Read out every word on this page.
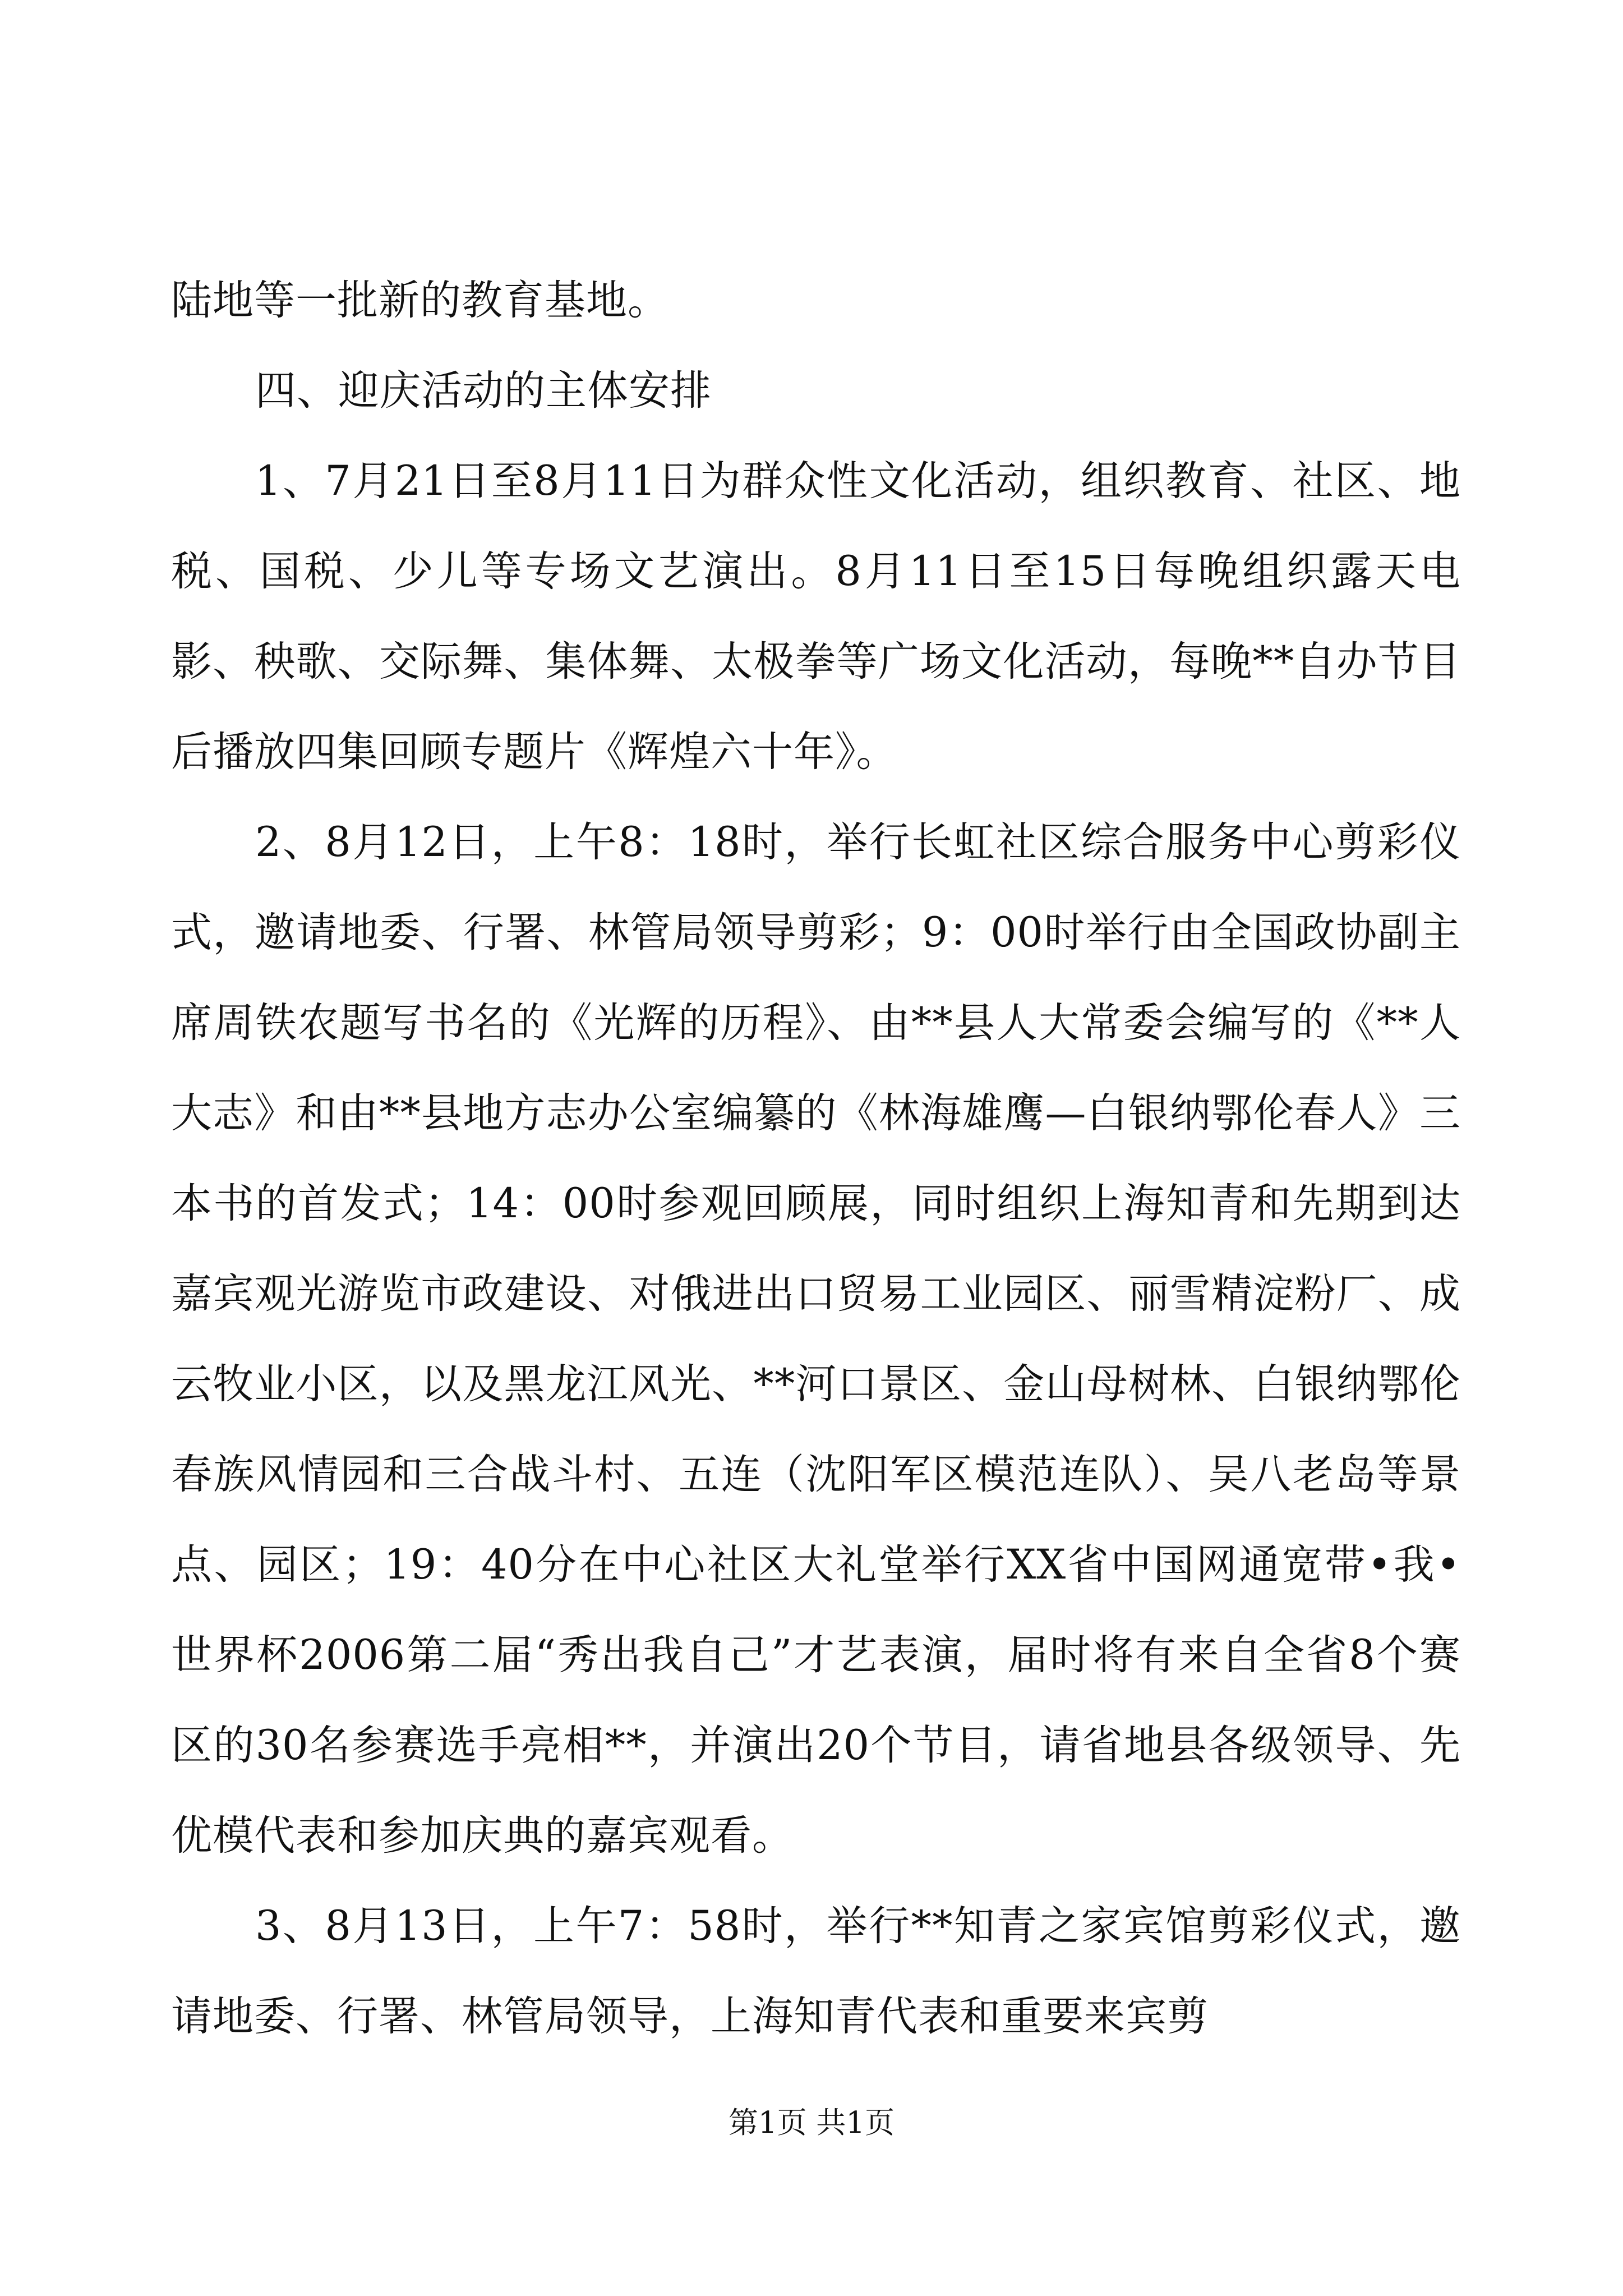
陆地等一批新的教育基地。

四、迎庆活动的主体安排

1、7月21日至8月11日为群众性文化活动，组织教育、社区、地税、国税、少儿等专场文艺演出。8月11日至15日每晚组织露天电影、秧歌、交际舞、集体舞、太极拳等广场文化活动，每晚**自办节目后播放四集回顾专题片《辉煌六十年》。

2、8月12日，上午8：18时，举行长虹社区综合服务中心剪彩仪式，邀请地委、行署、林管局领导剪彩；9：00时举行由全国政协副主席周铁农题写书名的《光辉的历程》、由**县人大常委会编写的《**人大志》和由**县地方志办公室编纂的《林海雄鹰—白银纳鄂伦春人》三本书的首发式；14：00时参观回顾展，同时组织上海知青和先期到达嘉宾观光游览市政建设、对俄进出口贸易工业园区、丽雪精淀粉厂、成云牧业小区，以及黑龙江风光、**河口景区、金山母树林、白银纳鄂伦春族风情园和三合战斗村、五连（沈阳军区模范连队）、吴八老岛等景点、园区；19：40分在中心社区大礼堂举行XX省中国网通宽带•我•世界杯2006第二届“秀出我自己”才艺表演，届时将有来自全省8个赛区的30名参赛选手亮相**，并演出20个节目，请省地县各级领导、先优模代表和参加庆典的嘉宾观看。

3、8月13日，上午7：58时，举行**知青之家宾馆剪彩仪式，邀请地委、行署、林管局领导，上海知青代表和重要来宾剪

第1页 共1页
